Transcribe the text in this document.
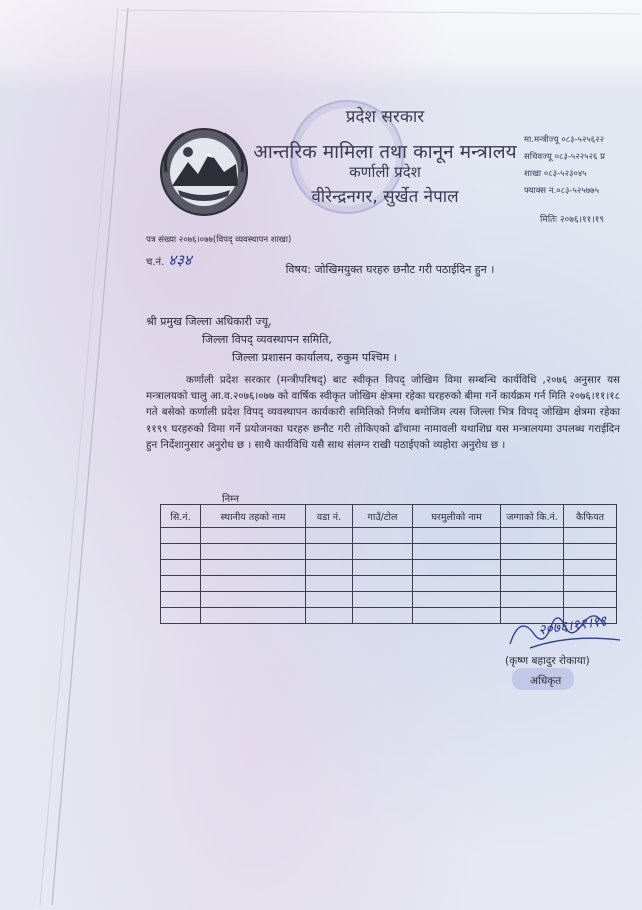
प्रदेश सरकार
आन्तरिक मामिला तथा कानून मन्त्रालय
कर्णाली प्रदेश
वीरेन्द्रनगर, सुर्खेत नेपाल
मा.मन्त्रीज्यू ०८३-५२५६२२
सचिवज्यू ०८३-५२२५२६ प्र
शाखा ०८३-५२३०४५
फ्याक्स न.०८३-५२५७७५
मितिः २०७६।११।१९
पत्र संख्या २०७६।०७७(विपद् व्यवस्थापन शाखा)
च.नं. ४३४
विषय: जोखिमयुक्त घरहरु छनौट गरी पठाईदिन हुन ।
श्री प्रमुख जिल्ला अधिकारी ज्यू,
जिल्ला विपद् व्यवस्थापन समिति,
जिल्ला प्रशासन कार्यालय, रुकुम पश्चिम ।

कर्णाली प्रदेश सरकार (मन्त्रीपरिषद्) बाट स्वीकृत विपद् जोखिम विमा सम्बन्धि कार्यविधि ,२०७६ अनुसार यस मन्त्रालयको चालु आ.व.२०७६।०७७ को वार्षिक स्वीकृत जोखिम क्षेत्रमा रहेका घरहरुको बीमा गर्ने कार्यक्रम गर्न मिति २०७६।११।१८ गते बसेको कर्णाली प्रदेश विपद् व्यवस्थापन कार्यकारी समितिको निर्णय बमोजिम त्यस जिल्ला भित्र विपद् जोखिम क्षेत्रमा रहेका ११९९ घरहरुको विमा गर्ने प्रयोजनका घरहरु छनौट गरी तोकिएको ढाँचामा नामावली यथाशिघ्र यस मन्त्रालयमा उपलब्ध गराईदिन हुन निर्देशानुसार अनुरोध छ । साथै कार्यविधि यसै साथ संलग्न राखी पठाईएको व्यहोरा अनुरोध छ ।

निम्न
सि.नं.	स्थानीय तहको नाम	वडा नं.	गाउँ/टोल	घरमुलीको नाम	जग्गाको कि.नं.	कैफियत

२०७६।११।१९
(कृष्ण बहादुर रोकाया)
अधिकृत
